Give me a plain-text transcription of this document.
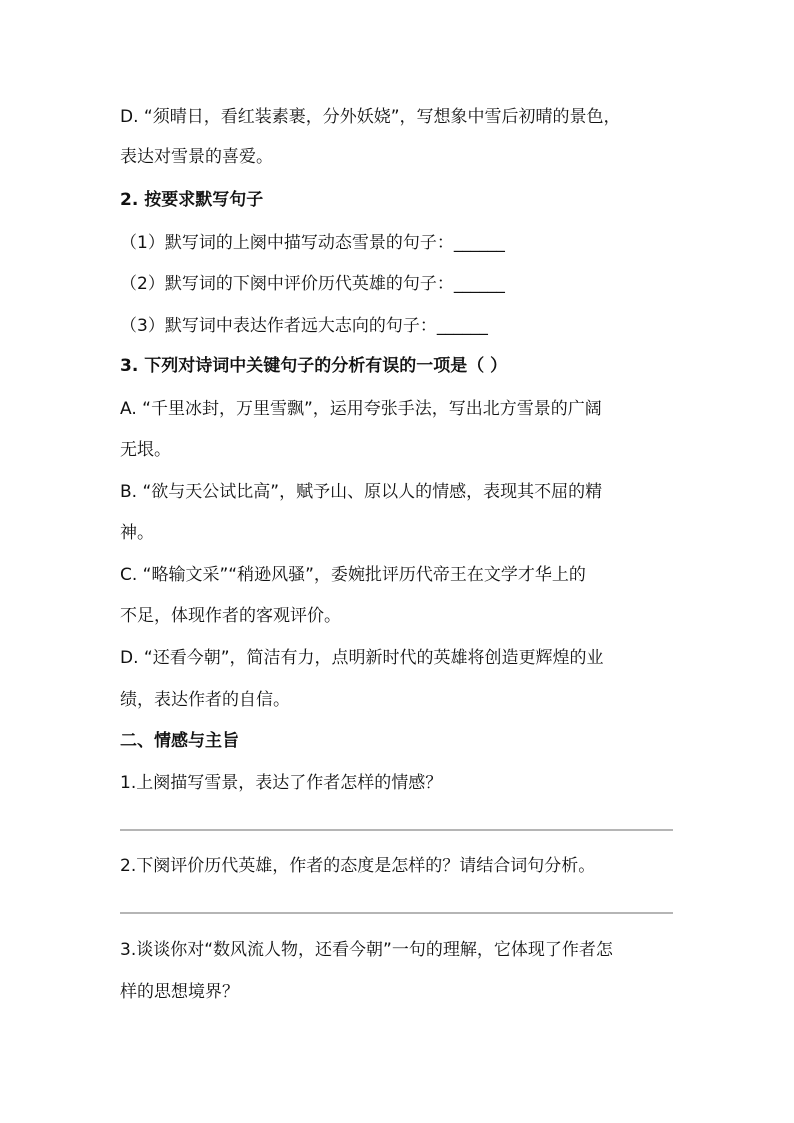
D. “须晴日，看红装素裹，分外妖娆”，写想象中雪后初晴的景色，
表达对雪景的喜爱。
2. 按要求默写句子
（1）默写词的上阕中描写动态雪景的句子：______
（2）默写词的下阕中评价历代英雄的句子：______
（3）默写词中表达作者远大志向的句子：______
3. 下列对诗词中关键句子的分析有误的一项是（ ）
A. “千里冰封，万里雪飘”，运用夸张手法，写出北方雪景的广阔
无垠。
B. “欲与天公试比高”，赋予山、原以人的情感，表现其不屈的精
神。
C. “略输文采”“稍逊风骚”，委婉批评历代帝王在文学才华上的
不足，体现作者的客观评价。
D. “还看今朝”，简洁有力，点明新时代的英雄将创造更辉煌的业
绩，表达作者的自信。
二、情感与主旨
1.上阕描写雪景，表达了作者怎样的情感？
2.下阕评价历代英雄，作者的态度是怎样的？请结合词句分析。
3.谈谈你对“数风流人物，还看今朝”一句的理解，它体现了作者怎
样的思想境界？
